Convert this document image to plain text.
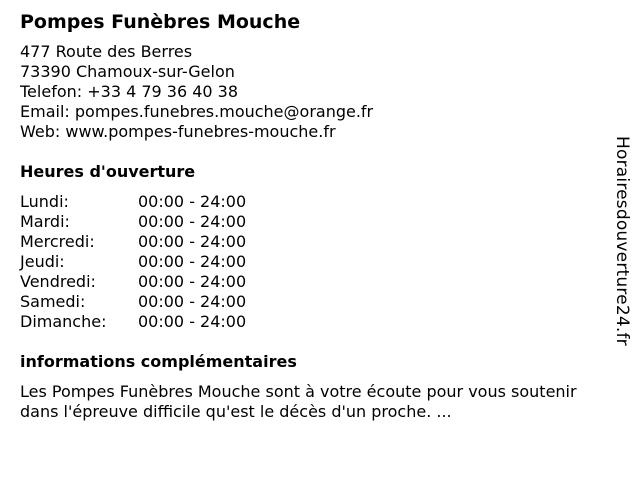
Pompes Funèbres Mouche
477 Route des Berres
73390 Chamoux-sur-Gelon
Telefon: +33 4 79 36 40 38
Email: pompes.funebres.mouche@orange.fr
Web: www.pompes-funebres-mouche.fr
Heures d'ouverture
Lundi:	00:00 - 24:00
Mardi:	00:00 - 24:00
Mercredi:	00:00 - 24:00
Jeudi:	00:00 - 24:00
Vendredi:	00:00 - 24:00
Samedi:	00:00 - 24:00
Dimanche:	00:00 - 24:00
informations complémentaires
Les Pompes Funèbres Mouche sont à votre écoute pour vous soutenir
dans l'épreuve difficile qu'est le décès d'un proche. ...
Horairesdouverture24.fr
